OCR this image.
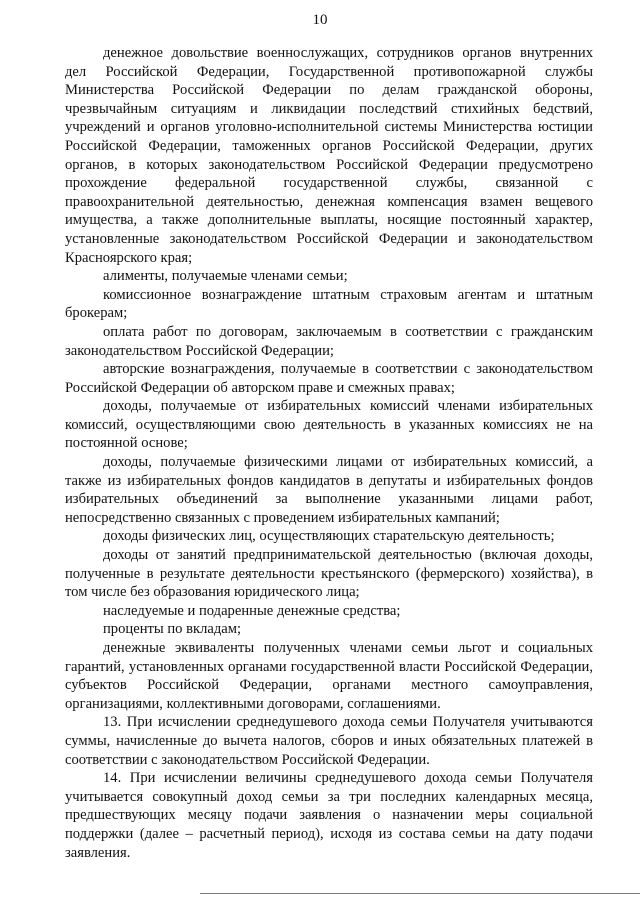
10

денежное довольствие военнослужащих, сотрудников органов внутренних дел Российской Федерации, Государственной противопожарной службы Министерства Российской Федерации по делам гражданской обороны, чрезвычайным ситуациям и ликвидации последствий стихийных бедствий, учреждений и органов уголовно-исполнительной системы Министерства юстиции Российской Федерации, таможенных органов Российской Федерации, других органов, в которых законодательством Российской Федерации предусмотрено прохождение федеральной государственной службы, связанной с правоохранительной деятельностью, денежная компенсация взамен вещевого имущества, а также дополнительные выплаты, носящие постоянный характер, установленные законодательством Российской Федерации и законодательством Красноярского края;

алименты, получаемые членами семьи;

комиссионное вознаграждение штатным страховым агентам и штатным брокерам;

оплата работ по договорам, заключаемым в соответствии с гражданским законодательством Российской Федерации;

авторские вознаграждения, получаемые в соответствии с законодательством Российской Федерации об авторском праве и смежных правах;

доходы, получаемые от избирательных комиссий членами избирательных комиссий, осуществляющими свою деятельность в указанных комиссиях не на постоянной основе;

доходы, получаемые физическими лицами от избирательных комиссий, а также из избирательных фондов кандидатов в депутаты и избирательных фондов избирательных объединений за выполнение указанными лицами работ, непосредственно связанных с проведением избирательных кампаний;

доходы физических лиц, осуществляющих старательскую деятельность;

доходы от занятий предпринимательской деятельностью (включая доходы, полученные в результате деятельности крестьянского (фермерского) хозяйства), в том числе без образования юридического лица;

наследуемые и подаренные денежные средства;

проценты по вкладам;

денежные эквиваленты полученных членами семьи льгот и социальных гарантий, установленных органами государственной власти Российской Федерации, субъектов Российской Федерации, органами местного самоуправления, организациями, коллективными договорами, соглашениями.

13. При исчислении среднедушевого дохода семьи Получателя учитываются суммы, начисленные до вычета налогов, сборов и иных обязательных платежей в соответствии с законодательством Российской Федерации.

14. При исчислении величины среднедушевого дохода семьи Получателя учитывается совокупный доход семьи за три последних календарных месяца, предшествующих месяцу подачи заявления о назначении меры социальной поддержки (далее – расчетный период), исходя из состава семьи на дату подачи заявления.
